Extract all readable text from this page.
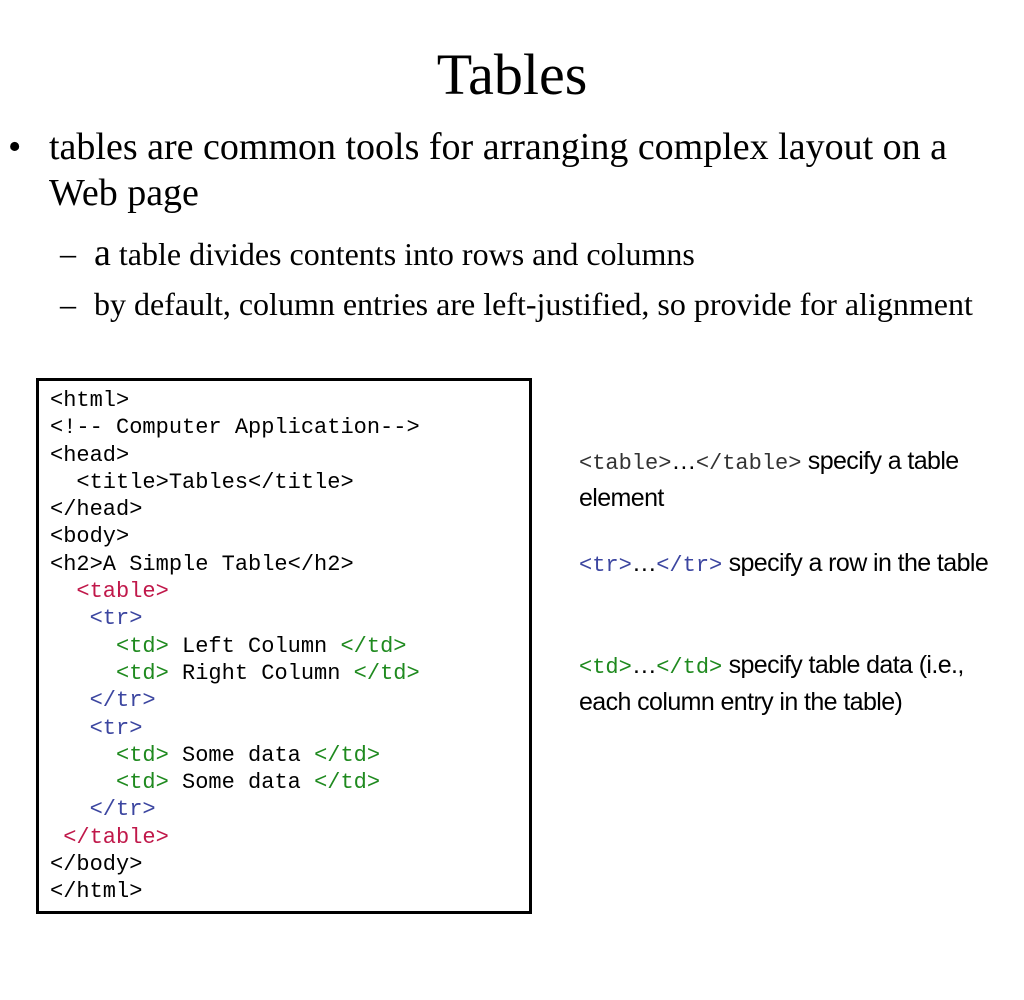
Tables
• tables are common tools for arranging complex layout on a Web page
– a table divides contents into rows and columns
– by default, column entries are left-justified, so provide for alignment
<html>
<!-- Computer Application-->
<head>
<title>Tables</title>
</head>
<body>
<h2>A Simple Table</h2>
<table>
<tr>
<td> Left Column </td>
<td> Right Column </td>
</tr>
<tr>
<td> Some data </td>
<td> Some data </td>
</tr>
</table>
</body>
</html>
<table>…</table> specify a table element
<tr>…</tr> specify a row in the table
<td>…</td> specify table data (i.e., each column entry in the table)
